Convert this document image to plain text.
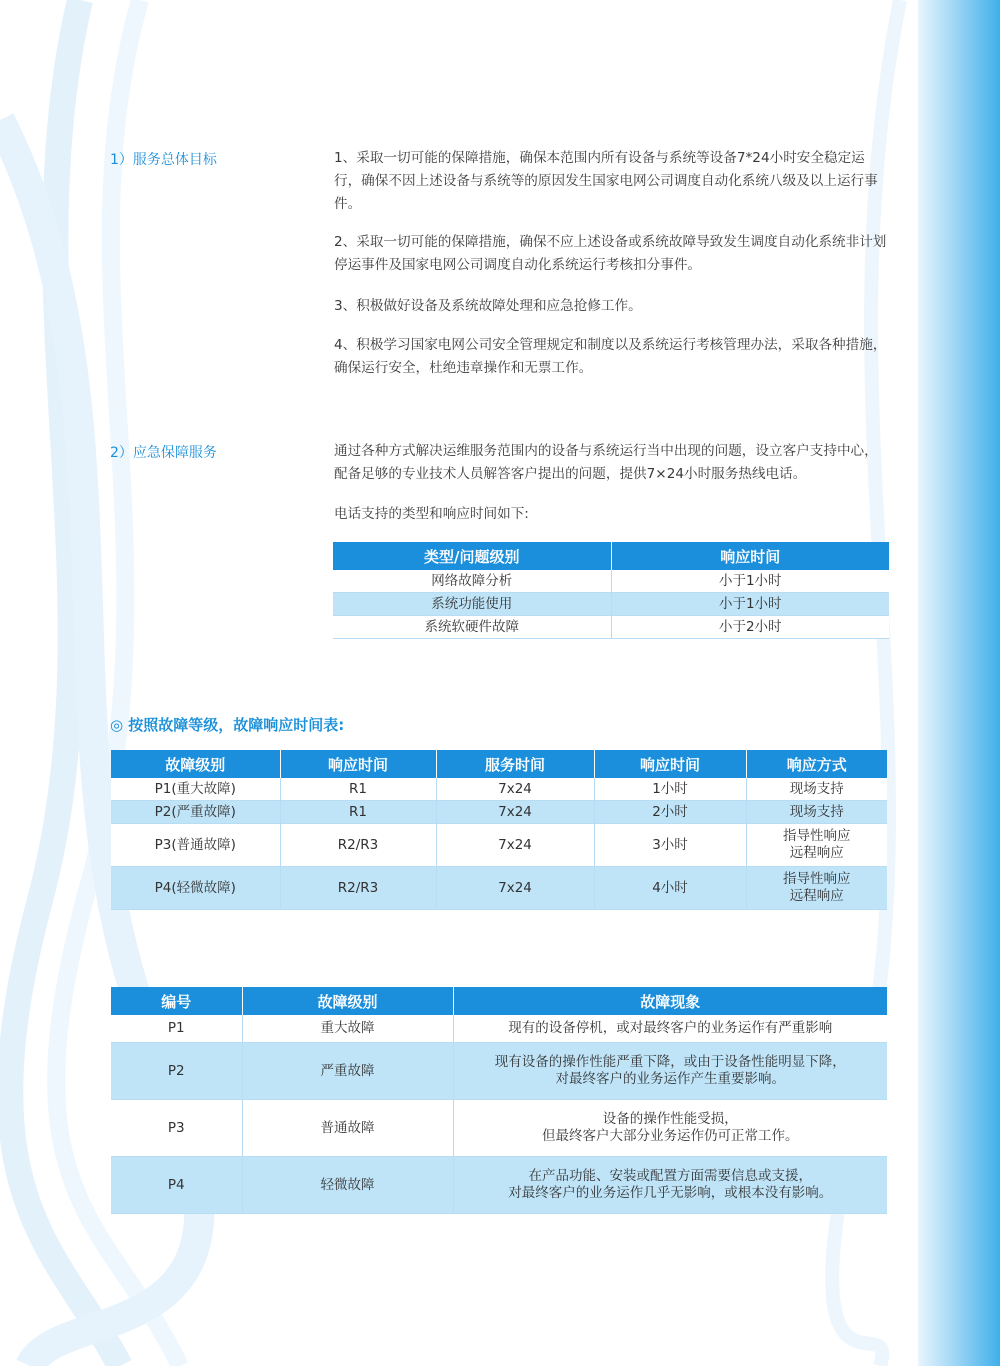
1）服务总体目标	1、采取一切可能的保障措施，确保本范围内所有设备与系统等设备7*24小时安全稳定运行，确保不因上述设备与系统等的原因发生国家电网公司调度自动化系统八级及以上运行事件。

2、采取一切可能的保障措施，确保不应上述设备或系统故障导致发生调度自动化系统非计划停运事件及国家电网公司调度自动化系统运行考核扣分事件。

3、积极做好设备及系统故障处理和应急抢修工作。

4、积极学习国家电网公司安全管理规定和制度以及系统运行考核管理办法，采取各种措施，确保运行安全，杜绝违章操作和无票工作。

2）应急保障服务	通过各种方式解决运维服务范围内的设备与系统运行当中出现的问题，设立客户支持中心，配备足够的专业技术人员解答客户提出的问题，提供7×24小时服务热线电话。

电话支持的类型和响应时间如下:

类型/问题级别	响应时间
网络故障分析	小于1小时
系统功能使用	小于1小时
系统软硬件故障	小于2小时
◎ 按照故障等级，故障响应时间表:
故障级别	响应时间	服务时间	响应时间	响应方式
P1(重大故障)	R1	7x24	1小时	现场支持
P2(严重故障)	R1	7x24	2小时	现场支持
P3(普通故障)	R2/R3	7x24	3小时	指导性响应
远程响应

P4(轻微故障)	R2/R3	7x24	4小时	指导性响应
远程响应
编号	故障级别	故障现象
P1	重大故障	现有的设备停机，或对最终客户的业务运作有严重影响
P2	严重故障	现有设备的操作性能严重下降，或由于设备性能明显下降，
对最终客户的业务运作产生重要影响。

P3	普通故障	设备的操作性能受损，
但最终客户大部分业务运作仍可正常工作。

P4	轻微故障	在产品功能、安装或配置方面需要信息或支援，
对最终客户的业务运作几乎无影响，或根本没有影响。
